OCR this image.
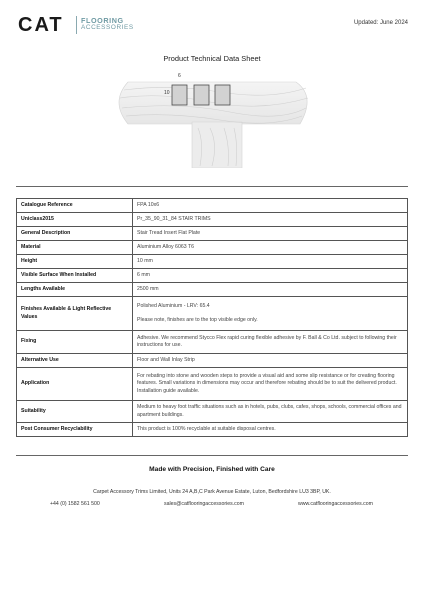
CAT FLOORING
ACCESSORIES
Updated: June 2024
Product Technical Data Sheet
6
10
Catalogue Reference	FPA 10x6
Uniclass2015	Pr_35_90_31_84 STAIR TRIMS
General Description	Stair Tread Insert Flat Plate
Material	Aluminium Alloy 6063 T6
Height	10 mm
Visible Surface When Installed	6 mm
Lengths Available	2500 mm
Finishes Available & Light Reflective Values	Polished Aluminium - LRV: 65.4
Please note, finishes are to the top visible edge only.

Fixing	Adhesive. We recommend Stycco Flex rapid curing flexible adhesive by F. Ball & Co Ltd. subject to following their instructions for use.
Alternative Use	Floor and Wall Inlay Strip
Application	For rebating into stone and wooden steps to provide a visual aid and some slip resistance or for creating flooring features. Small variations in dimensions may occur and therefore rebating should be to suit the delivered product. Installation guide available.
Suitability	Medium to heavy foot traffic situations such as in hotels, pubs, clubs, cafes, shops, schools, commercial offices and apartment buildings.
Post Consumer Recyclability	This product is 100% recyclable at suitable disposal centres.
Made with Precision, Finished with Care
Carpet Accessory Trims Limited, Units 24 A,B,C Park Avenue Estate, Luton, Bedfordshire LU3 3BP, UK.
+44 (0) 1582 561 500	sales@catflooringaccessories.com	www.catflooringaccessories.com
